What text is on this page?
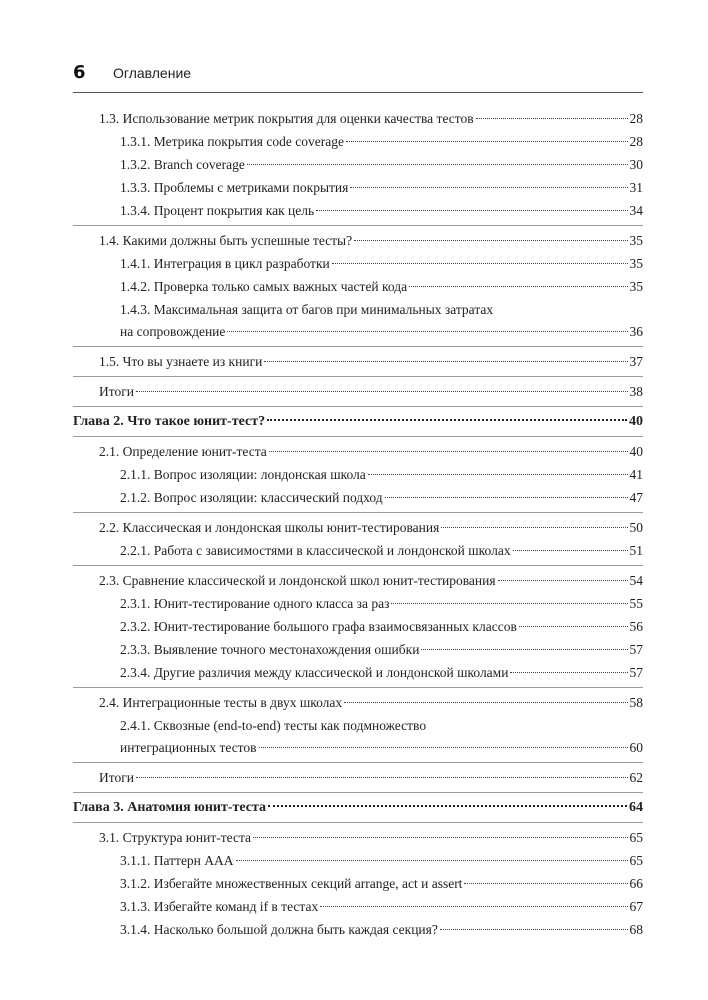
6	Оглавление
1.3. Использование метрик покрытия для оценки качества тестов	28
1.3.1. Метрика покрытия code coverage	28
1.3.2. Branch coverage	30
1.3.3. Проблемы с метриками покрытия	31
1.3.4. Процент покрытия как цель	34
1.4. Какими должны быть успешные тесты?	35
1.4.1. Интеграция в цикл разработки	35
1.4.2. Проверка только самых важных частей кода	35
1.4.3. Максимальная защита от багов при минимальных затратах
на сопровождение	36
1.5. Что вы узнаете из книги	37
Итоги	38
Глава 2. Что такое юнит-тест?	40
2.1. Определение юнит-теста	40
2.1.1. Вопрос изоляции: лондонская школа	41
2.1.2. Вопрос изоляции: классический подход	47
2.2. Классическая и лондонская школы юнит-тестирования	50
2.2.1. Работа с зависимостями в классической и лондонской школах	51
2.3. Сравнение классической и лондонской школ юнит-тестирования	54
2.3.1. Юнит-тестирование одного класса за раз	55
2.3.2. Юнит-тестирование большого графа взаимосвязанных классов	56
2.3.3. Выявление точного местонахождения ошибки	57
2.3.4. Другие различия между классической и лондонской школами	57
2.4. Интеграционные тесты в двух школах	58
2.4.1. Сквозные (end-to-end) тесты как подмножество
интеграционных тестов	60
Итоги	62
Глава 3. Анатомия юнит-теста	64
3.1. Структура юнит-теста	65
3.1.1. Паттерн ААА	65
3.1.2. Избегайте множественных секций arrange, act и assert	66
3.1.3. Избегайте команд if в тестах	67
3.1.4. Насколько большой должна быть каждая секция?	68
